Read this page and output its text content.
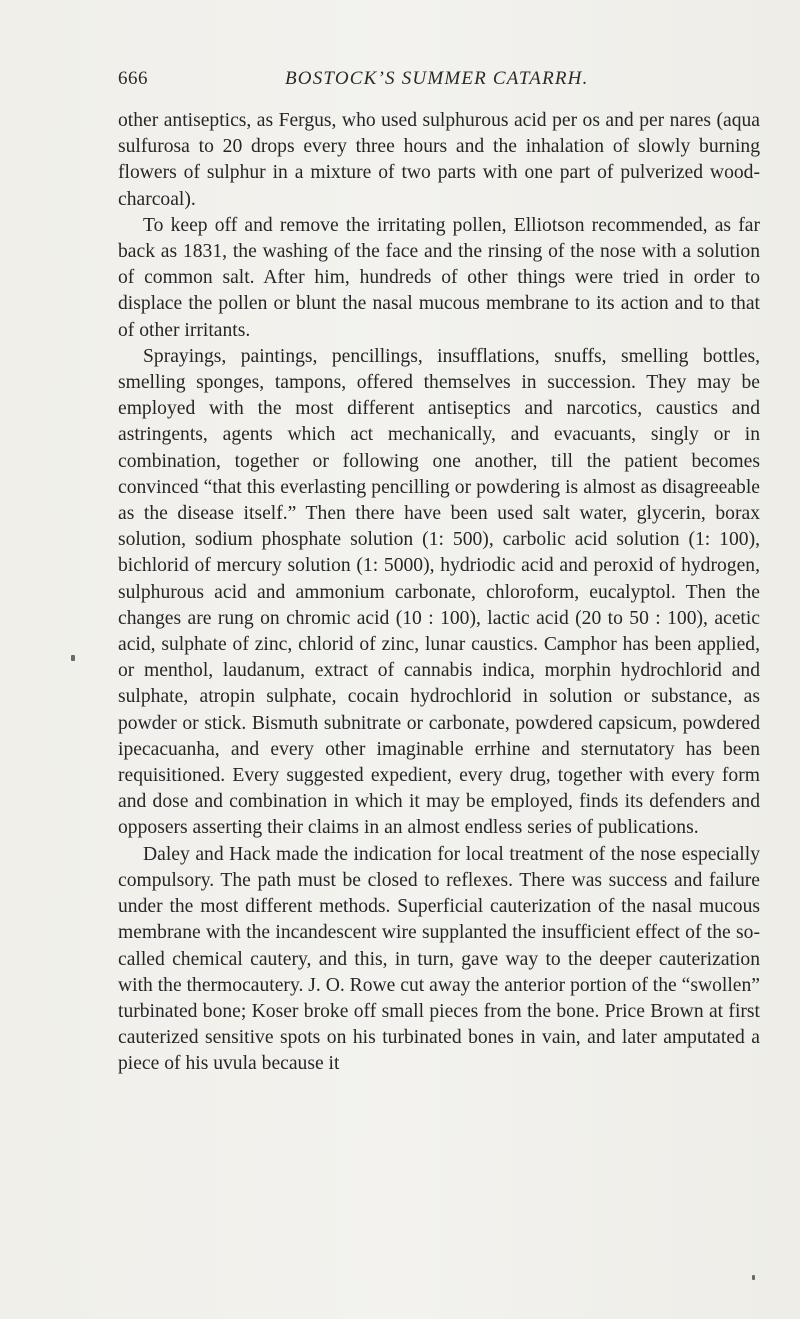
666	BOSTOCK’S SUMMER CATARRH.

other antiseptics, as Fergus, who used sulphurous acid per os and per nares (aqua sulfurosa to 20 drops every three hours and the inhalation of slowly burning flowers of sulphur in a mixture of two parts with one part of pulverized wood-charcoal).

To keep off and remove the irritating pollen, Elliotson recommended, as far back as 1831, the washing of the face and the rinsing of the nose with a solution of common salt. After him, hundreds of other things were tried in order to displace the pollen or blunt the nasal mucous membrane to its action and to that of other irritants.

Sprayings, paintings, pencillings, insufflations, snuffs, smelling bottles, smelling sponges, tampons, offered themselves in succession. They may be employed with the most different antiseptics and narcotics, caustics and astringents, agents which act mechanically, and evacuants, singly or in combination, together or following one another, till the patient becomes convinced “that this everlasting pencilling or powdering is almost as disagreeable as the disease itself.” Then there have been used salt water, glycerin, borax solution, sodium phosphate solution (1: 500), carbolic acid solution (1: 100), bichlorid of mercury solution (1: 5000), hydriodic acid and peroxid of hydrogen, sulphurous acid and ammonium carbonate, chloroform, eucalyptol. Then the changes are rung on chromic acid (10 : 100), lactic acid (20 to 50 : 100), acetic acid, sulphate of zinc, chlorid of zinc, lunar caustics. Camphor has been applied, or menthol, laudanum, extract of cannabis indica, morphin hydrochlorid and sulphate, atropin sulphate, cocain hydrochlorid in solution or substance, as powder or stick. Bismuth subnitrate or carbonate, powdered capsicum, powdered ipecacuanha, and every other imaginable errhine and sternutatory has been requisitioned. Every suggested expedient, every drug, together with every form and dose and combination in which it may be employed, finds its defenders and opposers asserting their claims in an almost endless series of publications.

Daley and Hack made the indication for local treatment of the nose especially compulsory. The path must be closed to reflexes. There was success and failure under the most different methods. Superficial cauterization of the nasal mucous membrane with the incandescent wire supplanted the insufficient effect of the so-called chemical cautery, and this, in turn, gave way to the deeper cauterization with the thermocautery. J. O. Rowe cut away the anterior portion of the “swollen” turbinated bone; Koser broke off small pieces from the bone. Price Brown at first cauterized sensitive spots on his turbinated bones in vain, and later amputated a piece of his uvula because it
